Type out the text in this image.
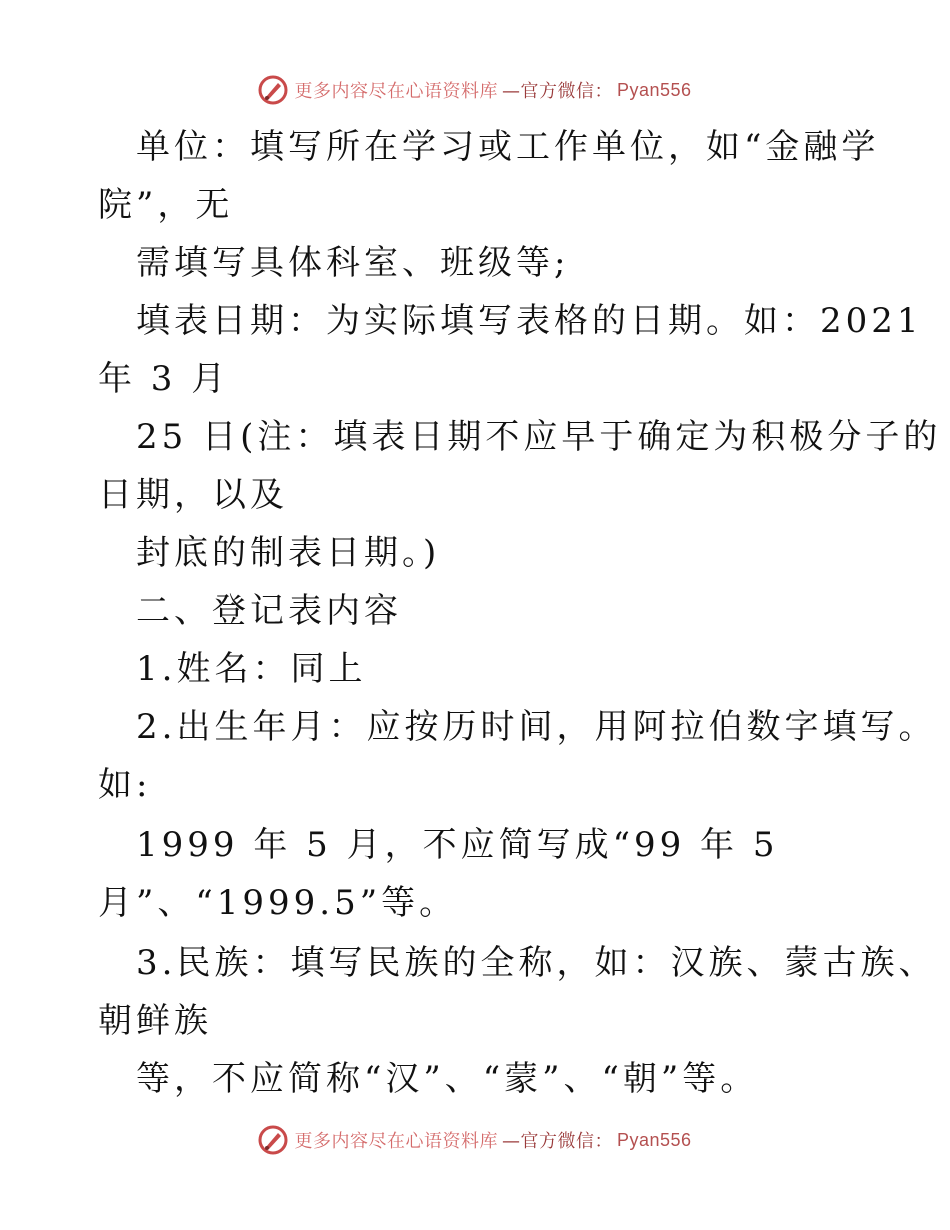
更多内容尽在心语资料库 —官方微信： Pyan556
单位：填写所在学习或工作单位，如“金融学
院”，无
需填写具体科室、班级等;
填表日期：为实际填写表格的日期。如：2021
年 3 月
25 日(注：填表日期不应早于确定为积极分子的
日期，以及
封底的制表日期。)
二、登记表内容
1.姓名：同上
2.出生年月：应按历时间，用阿拉伯数字填写。
如:
1999 年 5 月，不应简写成“99 年 5
月”、“1999.5”等。
3.民族：填写民族的全称，如：汉族、蒙古族、
朝鲜族
等，不应简称“汉”、“蒙”、“朝”等。
更多内容尽在心语资料库 —官方微信： Pyan556
